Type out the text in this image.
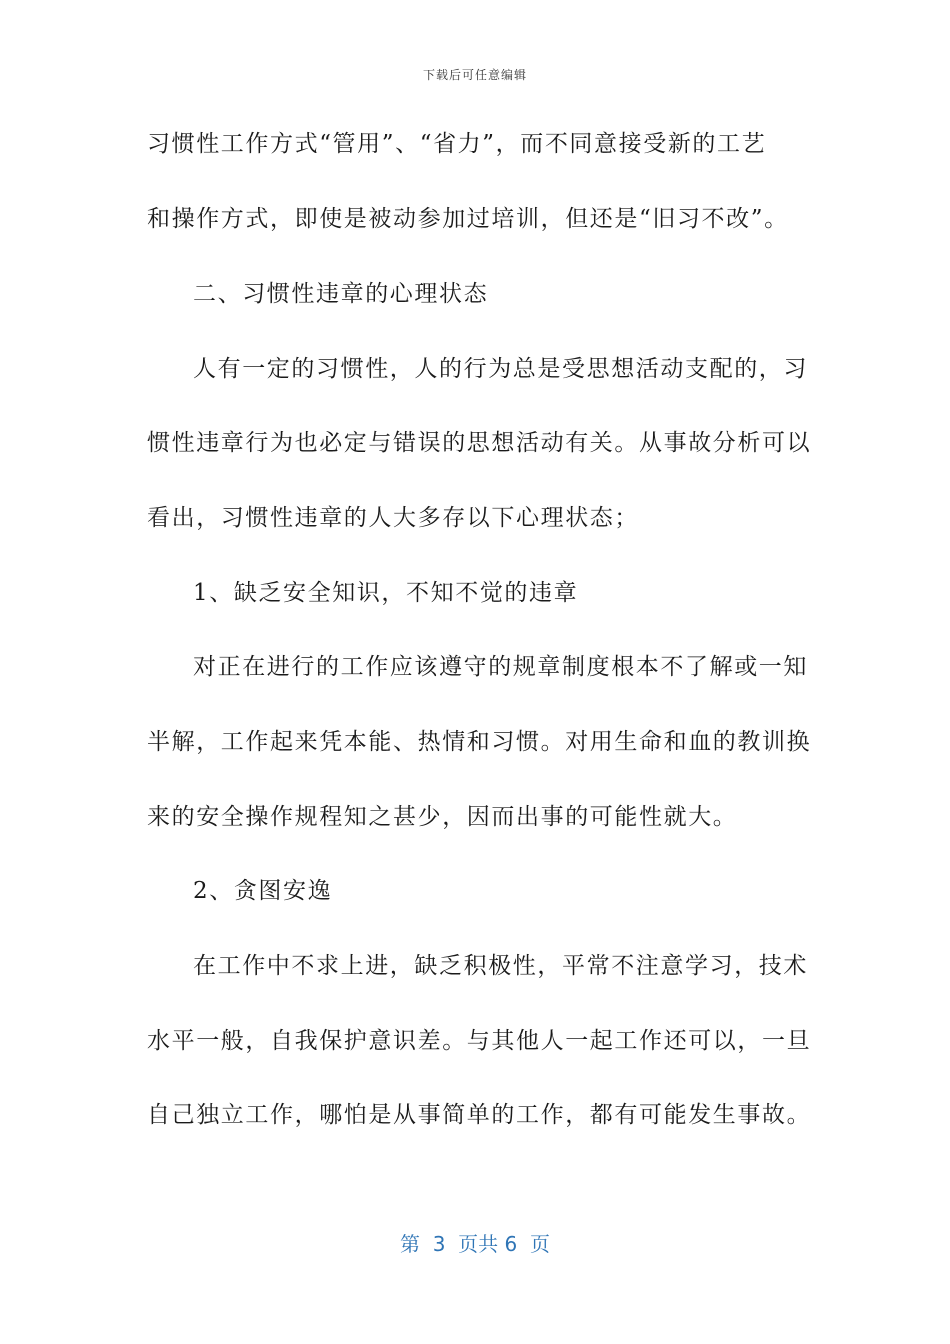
下载后可任意编辑
习惯性工作方式“管用”、“省力”，而不同意接受新的工艺
和操作方式，即使是被动参加过培训，但还是“旧习不改”。
二、习惯性违章的心理状态
人有一定的习惯性，人的行为总是受思想活动支配的，习
惯性违章行为也必定与错误的思想活动有关。从事故分析可以
看出，习惯性违章的人大多存以下心理状态；
1、缺乏安全知识，不知不觉的违章
对正在进行的工作应该遵守的规章制度根本不了解或一知
半解，工作起来凭本能、热情和习惯。对用生命和血的教训换
来的安全操作规程知之甚少，因而出事的可能性就大。
2、贪图安逸
在工作中不求上进，缺乏积极性，平常不注意学习，技术
水平一般，自我保护意识差。与其他人一起工作还可以，一旦
自己独立工作，哪怕是从事简单的工作，都有可能发生事故。
第  3  页共 6  页
